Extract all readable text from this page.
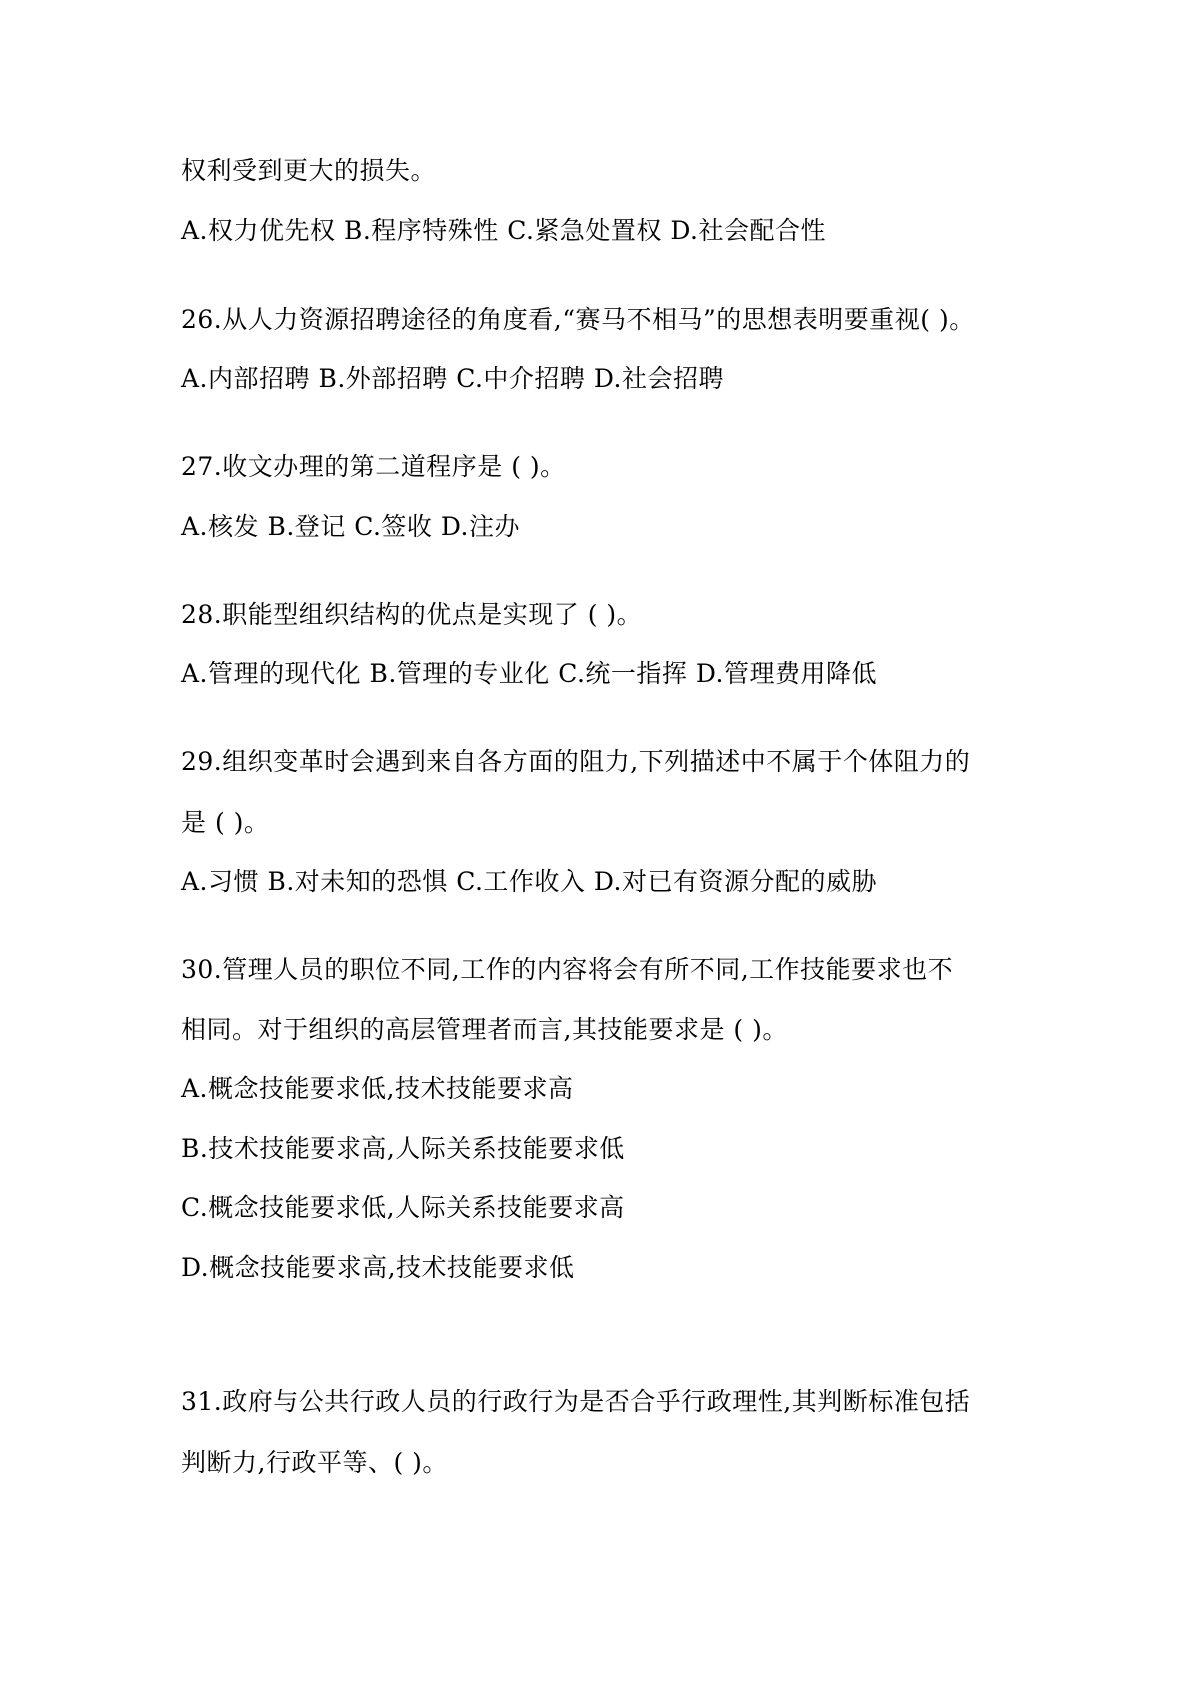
权利受到更大的损失。
A.权力优先权 B.程序特殊性 C.紧急处置权 D.社会配合性
26.从人力资源招聘途径的角度看,“赛马不相马”的思想表明要重视( )。
A.内部招聘 B.外部招聘 C.中介招聘 D.社会招聘
27.收文办理的第二道程序是 ( )。
A.核发 B.登记 C.签收 D.注办
28.职能型组织结构的优点是实现了 ( )。
A.管理的现代化 B.管理的专业化 C.统一指挥 D.管理费用降低
29.组织变革时会遇到来自各方面的阻力,下列描述中不属于个体阻力的
是 ( )。
A.习惯 B.对未知的恐惧 C.工作收入 D.对已有资源分配的威胁
30.管理人员的职位不同,工作的内容将会有所不同,工作技能要求也不
相同。对于组织的高层管理者而言,其技能要求是 ( )。
A.概念技能要求低,技术技能要求高
B.技术技能要求高,人际关系技能要求低
C.概念技能要求低,人际关系技能要求高
D.概念技能要求高,技术技能要求低
31.政府与公共行政人员的行政行为是否合乎行政理性,其判断标准包括
判断力,行政平等、( )。
